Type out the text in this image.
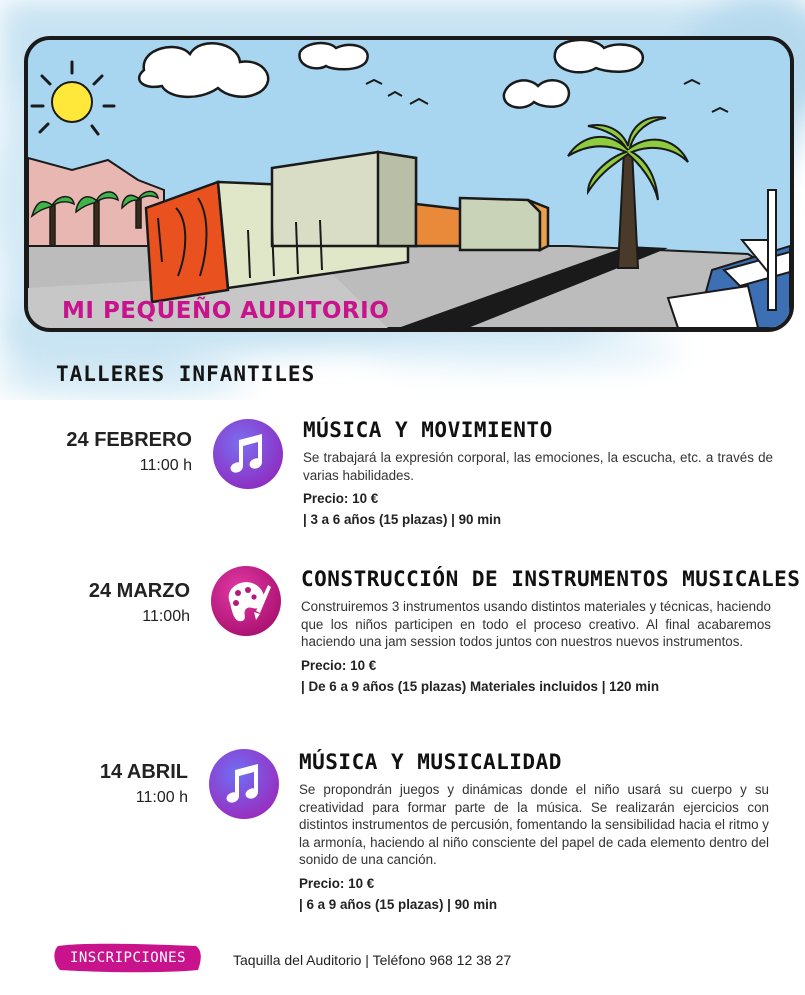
MI PEQUEÑO AUDITORIO
TALLERES INFANTILES

24 FEBRERO

11:00 h

MÚSICA Y MOVIMIENTO

Se trabajará la expresión corporal, las emociones, la escucha, etc. a través de varias habilidades.

Precio: 10 €

| 3 a 6 años (15 plazas) | 90 min

24 MARZO

11:00h

CONSTRUCCIÓN DE INSTRUMENTOS MUSICALES

Construiremos 3 instrumentos usando distintos materiales y técnicas, haciendo que los niños participen en todo el proceso creativo. Al final acabaremos haciendo una jam session todos juntos con nuestros nuevos instrumentos.

Precio: 10 €

| De 6 a 9 años (15 plazas) Materiales incluidos | 120 min

14 ABRIL

11:00 h

MÚSICA Y MUSICALIDAD

Se propondrán juegos y dinámicas donde el niño usará su cuerpo y su creatividad para formar parte de la música. Se realizarán ejercicios con distintos instrumentos de percusión, fomentando la sensibilidad hacia el ritmo y la armonía, haciendo al niño consciente del papel de cada elemento dentro del sonido de una canción.

Precio: 10 €

| 6 a 9 años (15 plazas) | 90 min

INSCRIPCIONES	Taquilla del Auditorio | Teléfono 968 12 38 27
